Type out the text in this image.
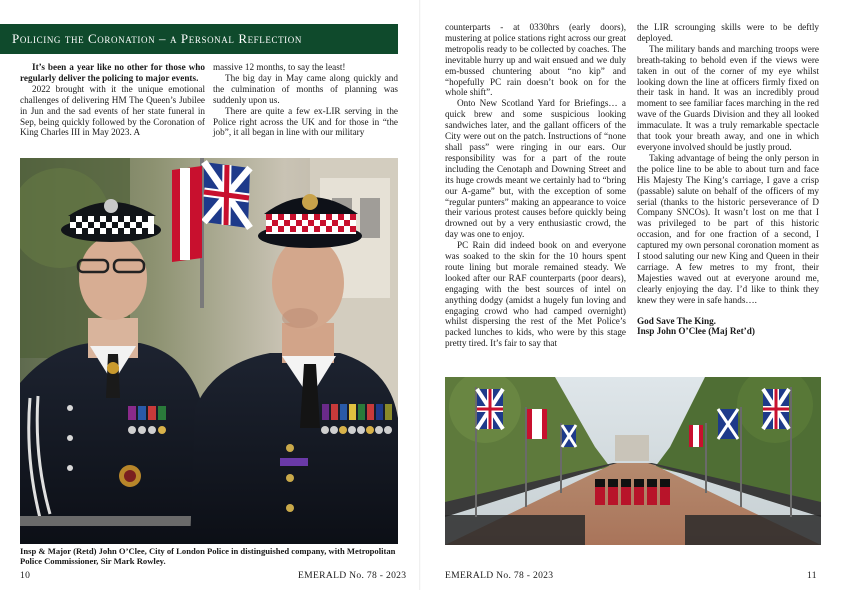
Policing the Coronation – a Personal Reflection

It’s been a year like no other for those who regularly deliver the policing to major events.

2022 brought with it the unique emotional challenges of delivering HM The Queen’s Jubilee in Jun and the sad events of her state funeral in Sep, being quickly followed by the Coronation of King Charles III in May 2023. A

massive 12 months, to say the least!

The big day in May came along quickly and the culmination of months of planning was suddenly upon us.

There are quite a few ex-LIR serving in the Police right across the UK and for those in “the job”, it all began in line with our military

Insp & Major (Retd) John O’Clee, City of London Police in distinguished company, with Metropolitan Police Commissioner, Sir Mark Rowley.
10	EMERALD No. 78 - 2023

counterparts - at 0330hrs (early doors), mustering at police stations right across our great metropolis ready to be collected by coaches. The inevitable hurry up and wait ensued and we duly em-bussed chuntering about “no kip” and “hopefully PC rain doesn’t book on for the whole shift”.

Onto New Scotland Yard for Briefings… a quick brew and some suspicious looking sandwiches later, and the gallant officers of the City were out on the patch. Instructions of “none shall pass” were ringing in our ears. Our responsibility was for a part of the route including the Cenotaph and Downing Street and its huge crowds meant we certainly had to “bring our A-game” but, with the exception of some “regular punters” making an appearance to voice their various protest causes before quickly being drowned out by a very enthusiastic crowd, the day was one to enjoy.

PC Rain did indeed book on and everyone was soaked to the skin for the 10 hours spent route lining but morale remained steady. We looked after our RAF counterparts (poor dears), engaging with the best sources of intel on anything dodgy (amidst a hugely fun loving and engaging crowd who had camped overnight) whilst dispersing the rest of the Met Police’s packed lunches to kids, who were by this stage pretty tired. It’s fair to say that

the LIR scrounging skills were to be deftly deployed.

The military bands and marching troops were breath-taking to behold even if the views were taken in out of the corner of my eye whilst looking down the line at officers firmly fixed on their task in hand. It was an incredibly proud moment to see familiar faces marching in the red wave of the Guards Division and they all looked immaculate. It was a truly remarkable spectacle that took your breath away, and one in which everyone involved should be justly proud.

Taking advantage of being the only person in the police line to be able to about turn and face His Majesty The King’s carriage, I gave a crisp (passable) salute on behalf of the officers of my serial (thanks to the historic perseverance of D Company SNCOs). It wasn’t lost on me that I was privileged to be part of this historic occasion, and for one fraction of a second, I captured my own personal coronation moment as I stood saluting our new King and Queen in their carriage. A few metres to my front, their Majesties waved out at everyone around me, clearly enjoying the day. I’d like to think they knew they were in safe hands….

God Save The King.

Insp John O’Clee (Maj Ret’d)

EMERALD No. 78 - 2023	11
